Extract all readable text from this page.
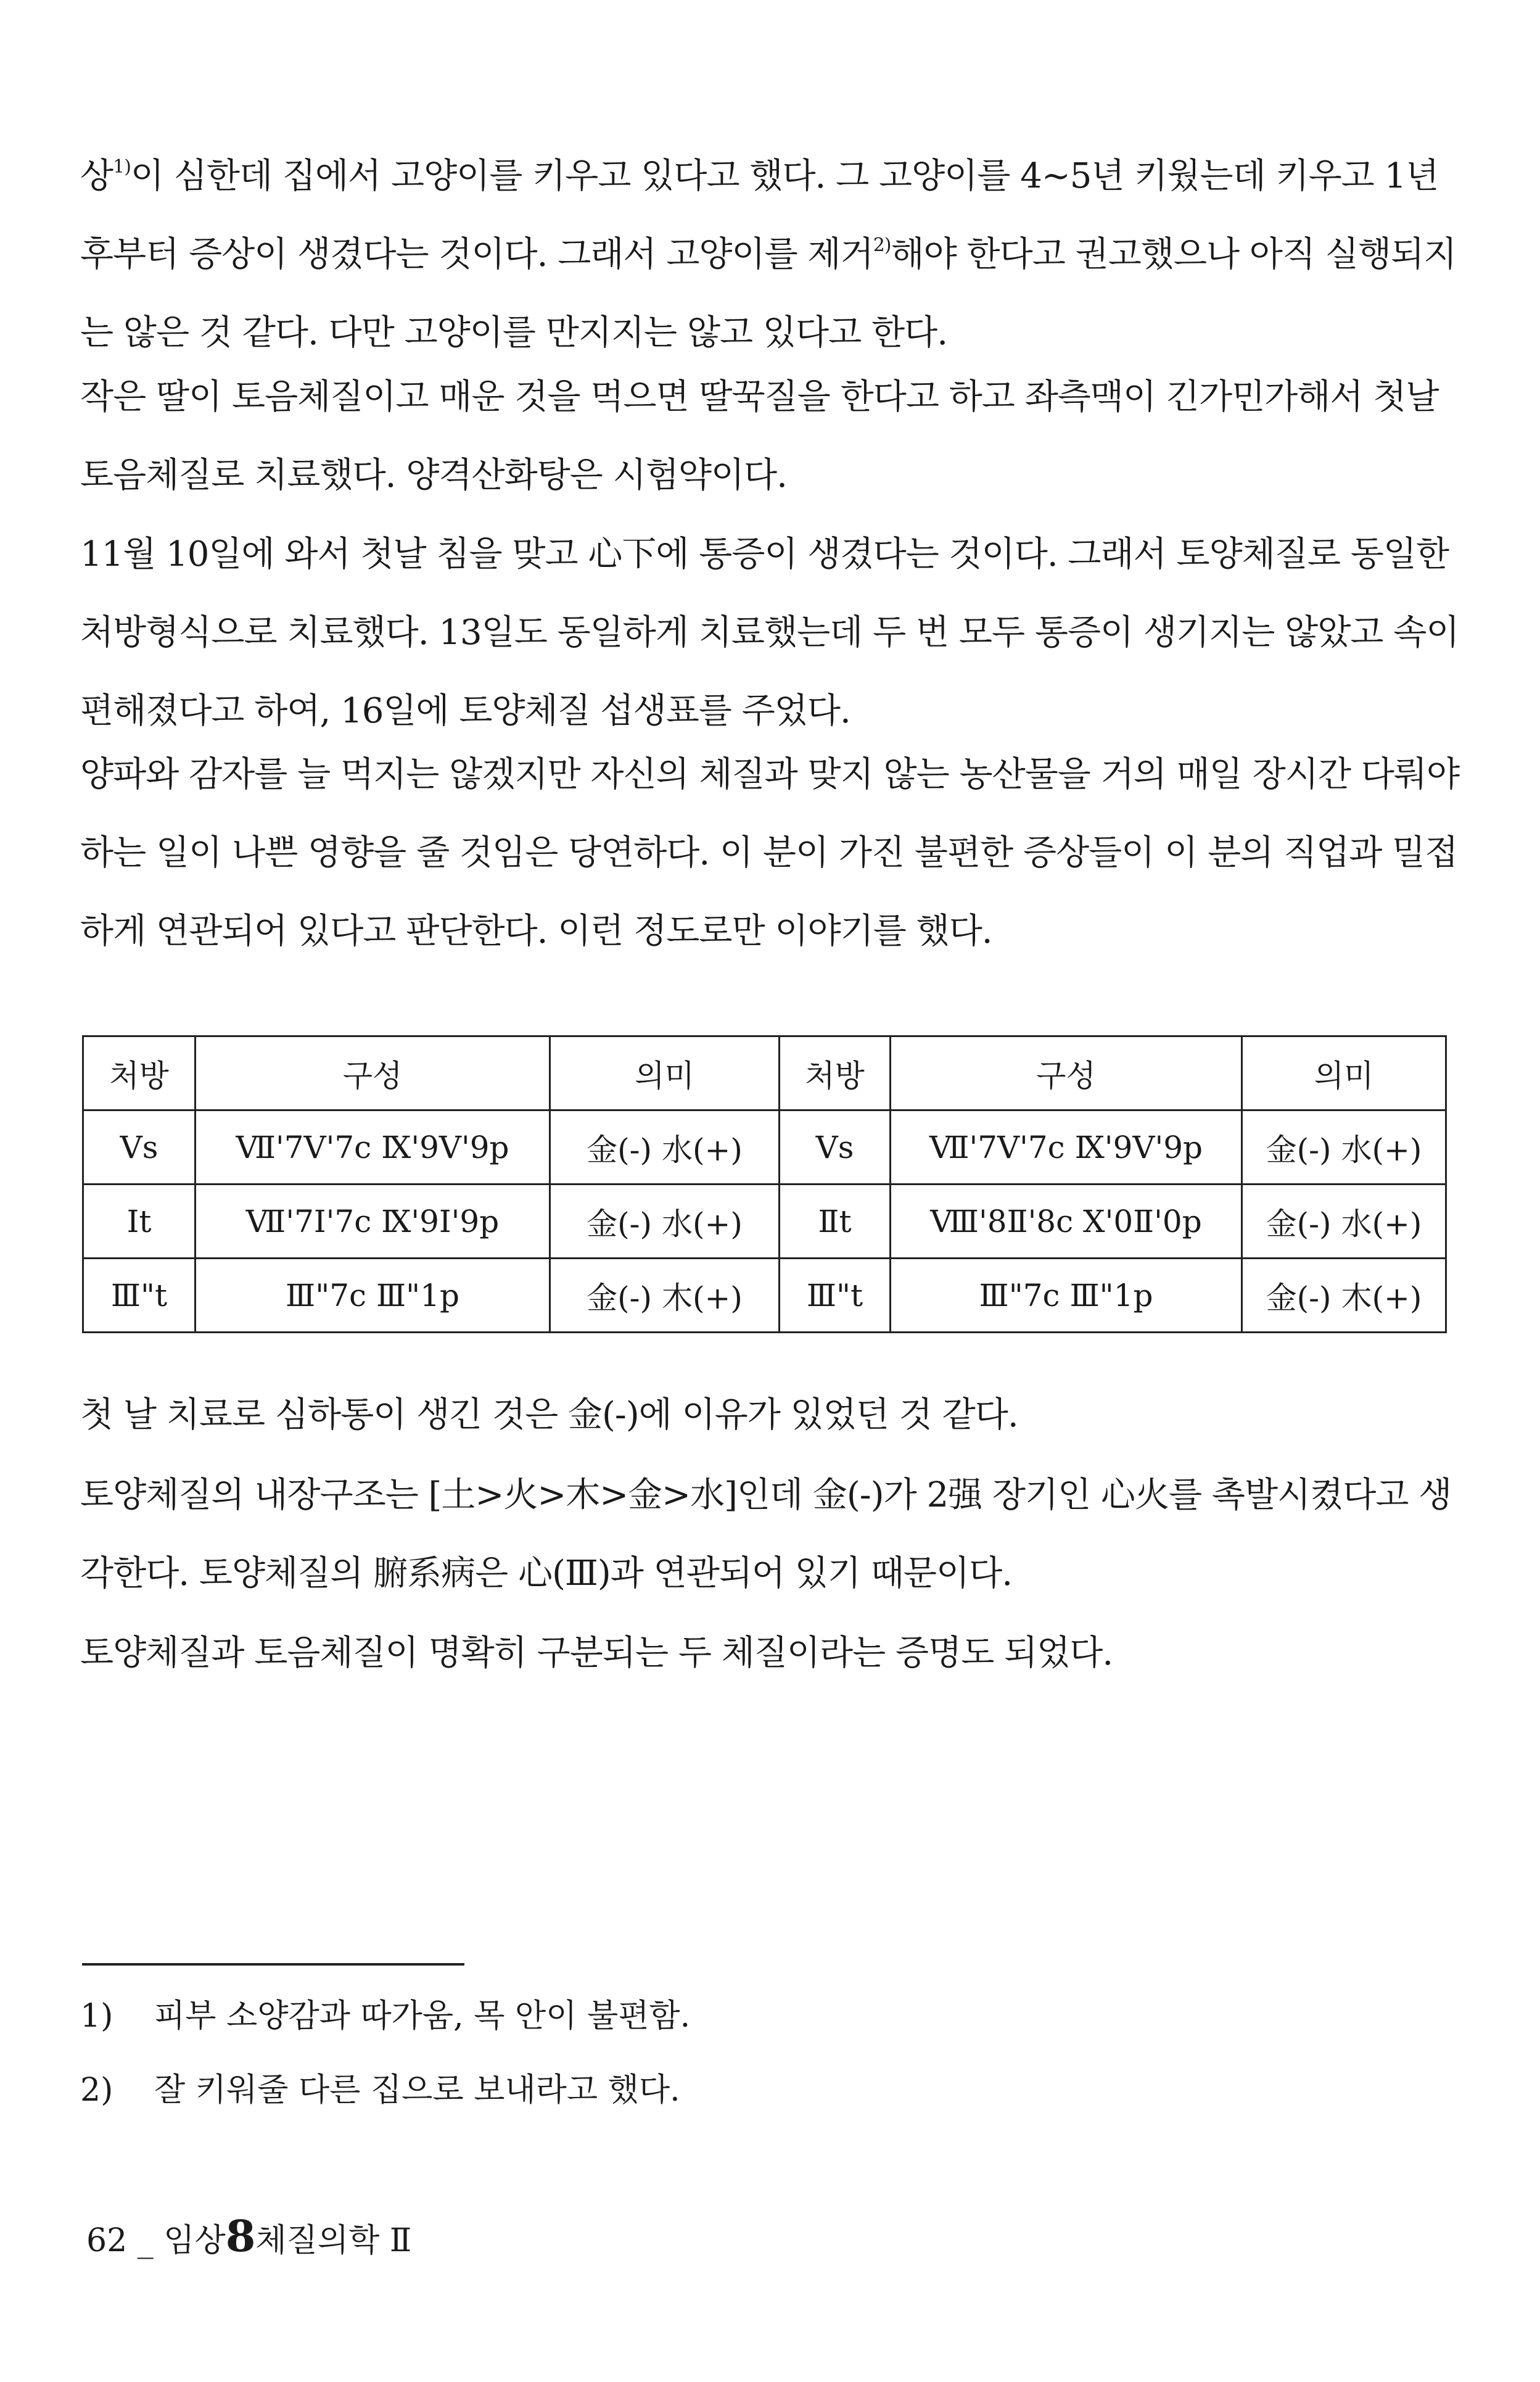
상$^{1)}$이 심한데 집에서 고양이를 키우고 있다고 했다. 그 고양이를 4~5년 키웠는데 키우고 1년 후부터 증상이 생겼다는 것이다. 그래서 고양이를 제거$^{2)}$해야 한다고 권고했으나 아직 실행되지는 않은 것 같다. 다만 고양이를 만지지는 않고 있다고 한다.

작은 딸이 토음체질이고 매운 것을 먹으면 딸꾹질을 한다고 하고 좌측맥이 긴가민가해서 첫날 토음체질로 치료했다. 양격산화탕은 시험약이다.

11월 10일에 와서 첫날 침을 맞고 心下에 통증이 생겼다는 것이다. 그래서 토양체질로 동일한 처방형식으로 치료했다. 13일도 동일하게 치료했는데 두 번 모두 통증이 생기지는 않았고 속이 편해졌다고 하여, 16일에 토양체질 섭생표를 주었다.

양파와 감자를 늘 먹지는 않겠지만 자신의 체질과 맞지 않는 농산물을 거의 매일 장시간 다뤄야 하는 일이 나쁜 영향을 줄 것임은 당연하다. 이 분이 가진 불편한 증상들이 이 분의 직업과 밀접하게 연관되어 있다고 판단한다. 이런 정도로만 이야기를 했다.

처방	구성	의미	처방	구성	의미
Vs	Ⅶ'7Ⅴ'7c Ⅸ'9Ⅴ'9p	金(-) 水(+)	Vs	Ⅶ'7Ⅴ'7c Ⅸ'9Ⅴ'9p	金(-) 水(+)
It	Ⅶ'7Ⅰ'7c Ⅸ'9Ⅰ'9p	金(-) 水(+)	Ⅱt	Ⅷ'8Ⅱ'8c Ⅹ'0Ⅱ'0p	金(-) 水(+)
Ⅲ"t	Ⅲ"7c Ⅲ"1p	金(-) 木(+)	Ⅲ"t	Ⅲ"7c Ⅲ"1p	金(-) 木(+)

첫 날 치료로 심하통이 생긴 것은 金(-)에 이유가 있었던 것 같다.

토양체질의 내장구조는 [土>火>木>金>水]인데 金(-)가 2强 장기인 心火를 촉발시켰다고 생각한다. 토양체질의 腑系病은 心(Ⅲ)과 연관되어 있기 때문이다.

토양체질과 토음체질이 명확히 구분되는 두 체질이라는 증명도 되었다.

1) 피부 소양감과 따가움, 목 안이 불편함.
2) 잘 키워줄 다른 집으로 보내라고 했다.
62 _ 임상8체질의학 Ⅱ
